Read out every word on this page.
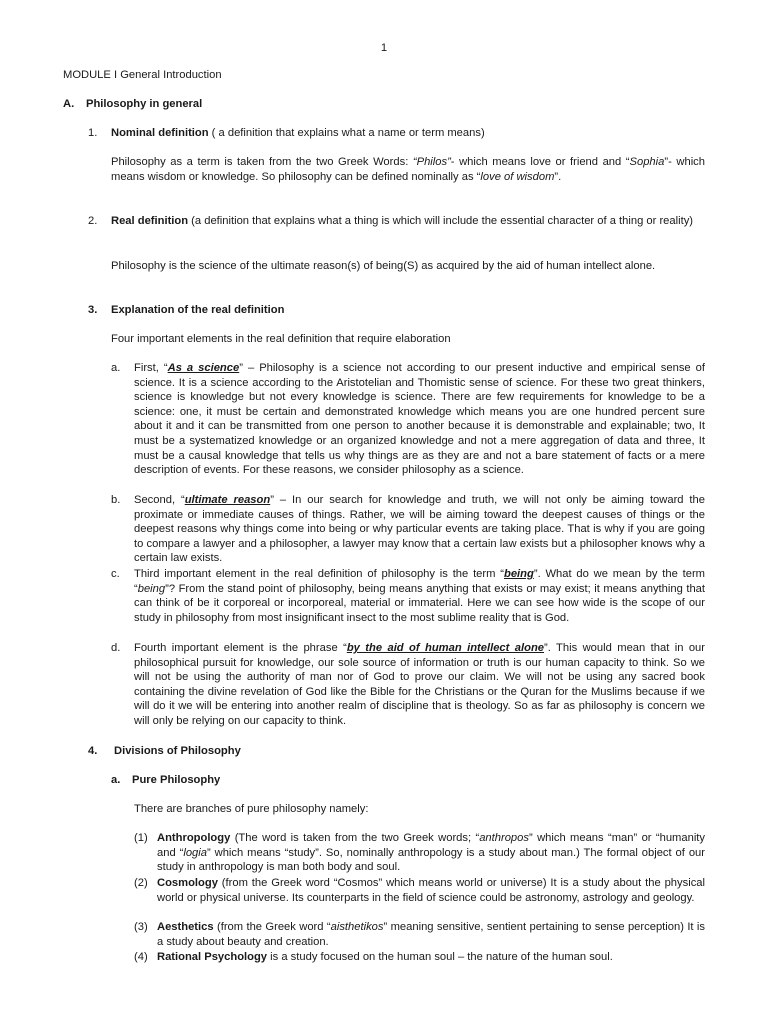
1
MODULE I General Introduction
A. Philosophy in general
1. Nominal definition ( a definition that explains what a name or term means)

Philosophy as a term is taken from the two Greek Words: “Philos”- which means love or friend and “Sophia”- which means wisdom or knowledge. So philosophy can be defined nominally as “love of wisdom”.

2. Real definition (a definition that explains what a thing is which will include the essential character of a thing or reality)

Philosophy is the science of the ultimate reason(s) of being(S) as acquired by the aid of human intellect alone.

3. Explanation of the real definition
Four important elements in the real definition that require elaboration
a. First, “As a science” – Philosophy is a science not according to our present inductive and empirical sense of science. It is a science according to the Aristotelian and Thomistic sense of science. For these two great thinkers, science is knowledge but not every knowledge is science. There are few requirements for knowledge to be a science: one, it must be certain and demonstrated knowledge which means you are one hundred percent sure about it and it can be transmitted from one person to another because it is demonstrable and explainable; two, It must be a systematized knowledge or an organized knowledge and not a mere aggregation of data and three, It must be a causal knowledge that tells us why things are as they are and not a bare statement of facts or a mere description of events. For these reasons, we consider philosophy as a science.

b. Second, “ultimate reason” – In our search for knowledge and truth, we will not only be aiming toward the proximate or immediate causes of things. Rather, we will be aiming toward the deepest causes of things or the deepest reasons why things come into being or why particular events are taking place. That is why if you are going to compare a lawyer and a philosopher, a lawyer may know that a certain law exists but a philosopher knows why a certain law exists.

c. Third important element in the real definition of philosophy is the term “being”. What do we mean by the term “being”? From the stand point of philosophy, being means anything that exists or may exist; it means anything that can think of be it corporeal or incorporeal, material or immaterial. Here we can see how wide is the scope of our study in philosophy from most insignificant insect to the most sublime reality that is God.

d. Fourth important element is the phrase “by the aid of human intellect alone”. This would mean that in our philosophical pursuit for knowledge, our sole source of information or truth is our human capacity to think. So we will not be using the authority of man nor of God to prove our claim. We will not be using any sacred book containing the divine revelation of God like the Bible for the Christians or the Quran for the Muslims because if we will do it we will be entering into another realm of discipline that is theology. So as far as philosophy is concern we will only be relying on our capacity to think.

4. Divisions of Philosophy
a. Pure Philosophy
There are branches of pure philosophy namely:
(1) Anthropology (The word is taken from the two Greek words; “anthropos” which means “man” or “humanity and “logia” which means “study”. So, nominally anthropology is a study about man.) The formal object of our study in anthropology is man both body and soul.

(2) Cosmology (from the Greek word “Cosmos” which means world or universe) It is a study about the physical world or physical universe. Its counterparts in the field of science could be astronomy, astrology and geology.

(3) Aesthetics (from the Greek word “aisthetikos” meaning sensitive, sentient pertaining to sense perception) It is a study about beauty and creation.

(4) Rational Psychology is a study focused on the human soul – the nature of the human soul.
